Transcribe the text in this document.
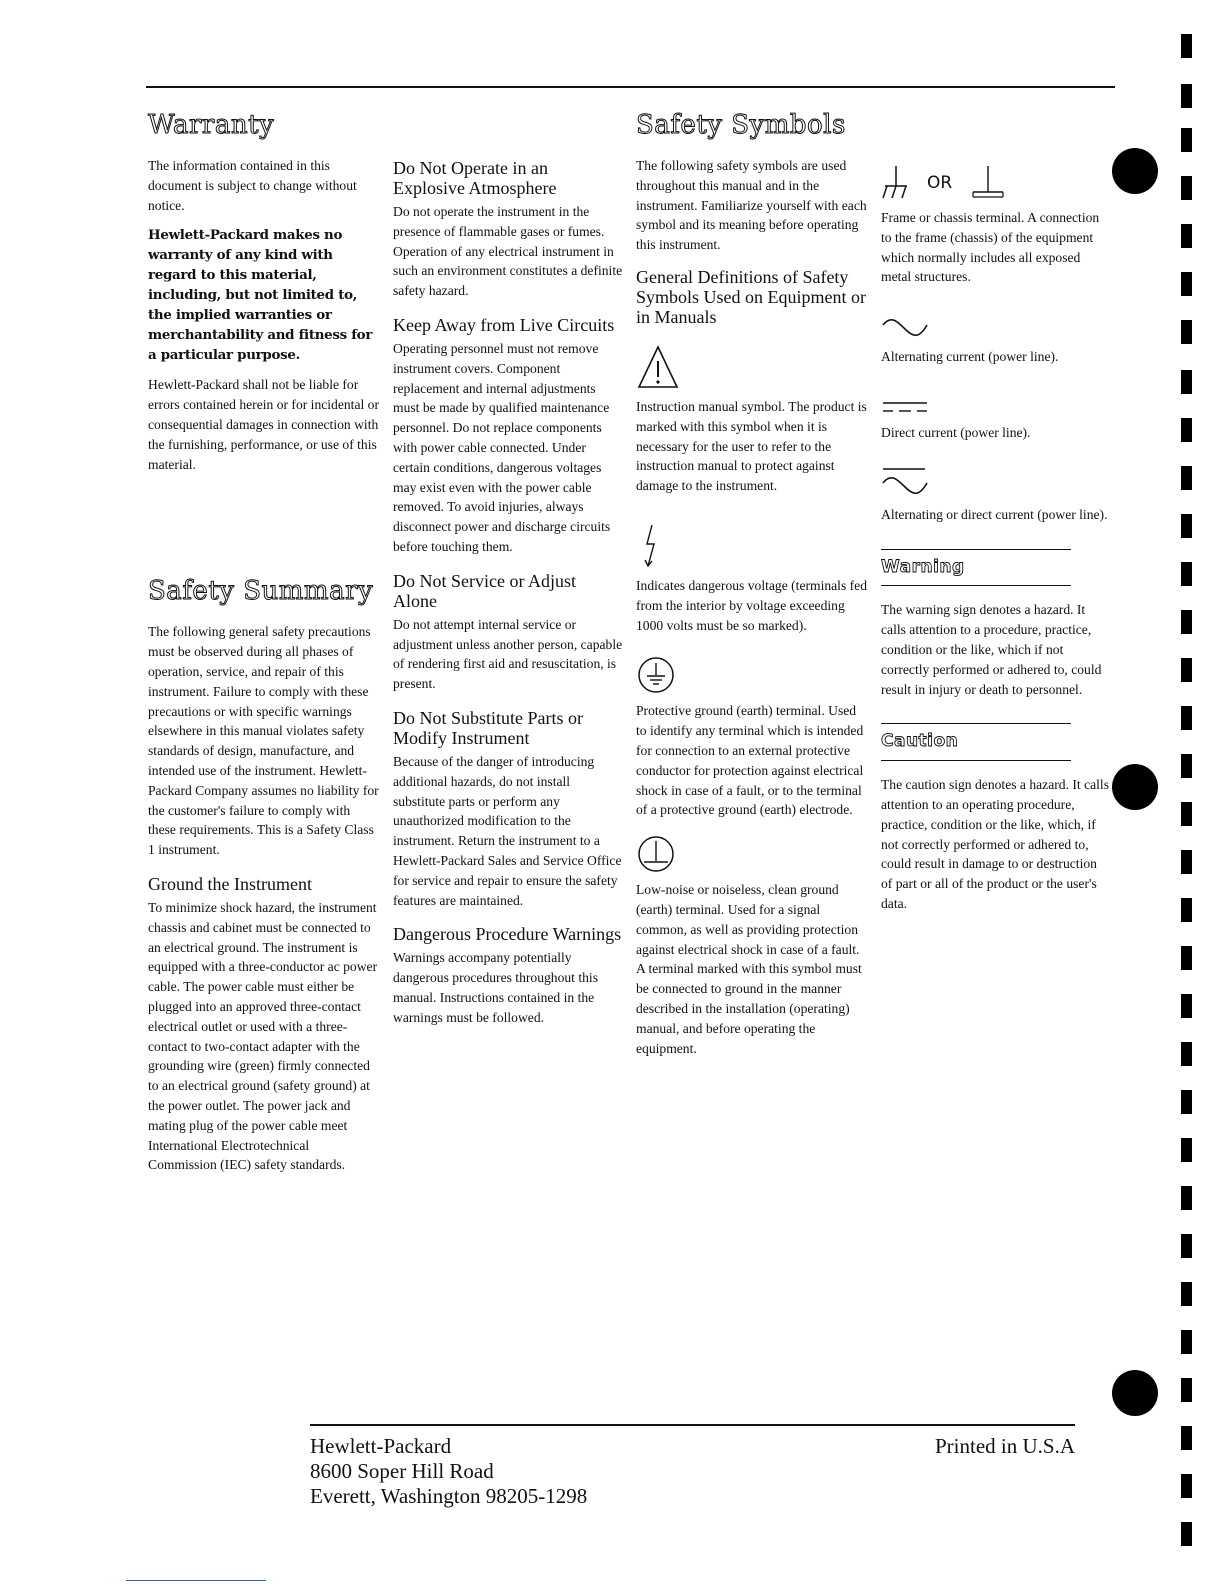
Warranty

The information contained in this document is subject to change without notice.

Hewlett-Packard makes no warranty of any kind with regard to this material, including, but not limited to, the implied warranties or merchantability and fitness for a particular purpose.

Hewlett-Packard shall not be liable for errors contained herein or for incidental or consequential damages in connection with the furnishing, performance, or use of this material.

Safety Summary

The following general safety precautions must be observed during all phases of operation, service, and repair of this instrument. Failure to comply with these precautions or with specific warnings elsewhere in this manual violates safety standards of design, manufacture, and intended use of the instrument. Hewlett-Packard Company assumes no liability for the customer's failure to comply with these requirements. This is a Safety Class 1 instrument.

Ground the Instrument

To minimize shock hazard, the instrument chassis and cabinet must be connected to an electrical ground. The instrument is equipped with a three-conductor ac power cable. The power cable must either be plugged into an approved three-contact electrical outlet or used with a three-contact to two-contact adapter with the grounding wire (green) firmly connected to an electrical ground (safety ground) at the power outlet. The power jack and mating plug of the power cable meet International Electrotechnical Commission (IEC) safety standards.

Do Not Operate in an Explosive Atmosphere

Do not operate the instrument in the presence of flammable gases or fumes. Operation of any electrical instrument in such an environment constitutes a definite safety hazard.

Keep Away from Live Circuits

Operating personnel must not remove instrument covers. Component replacement and internal adjustments must be made by qualified maintenance personnel. Do not replace components with power cable connected. Under certain conditions, dangerous voltages may exist even with the power cable removed. To avoid injuries, always disconnect power and discharge circuits before touching them.

Do Not Service or Adjust Alone

Do not attempt internal service or adjustment unless another person, capable of rendering first aid and resuscitation, is present.

Do Not Substitute Parts or Modify Instrument

Because of the danger of introducing additional hazards, do not install substitute parts or perform any unauthorized modification to the instrument. Return the instrument to a Hewlett-Packard Sales and Service Office for service and repair to ensure the safety features are maintained.

Dangerous Procedure Warnings

Warnings accompany potentially dangerous procedures throughout this manual. Instructions contained in the warnings must be followed.

Safety Symbols

The following safety symbols are used throughout this manual and in the instrument. Familiarize yourself with each symbol and its meaning before operating this instrument.

General Definitions of Safety Symbols Used on Equipment or in Manuals

Instruction manual symbol. The product is marked with this symbol when it is necessary for the user to refer to the instruction manual to protect against damage to the instrument.

Indicates dangerous voltage (terminals fed from the interior by voltage exceeding 1000 volts must be so marked).

Protective ground (earth) terminal. Used to identify any terminal which is intended for connection to an external protective conductor for protection against electrical shock in case of a fault, or to the terminal of a protective ground (earth) electrode.

Low-noise or noiseless, clean ground (earth) terminal. Used for a signal common, as well as providing protection against electrical shock in case of a fault. A terminal marked with this symbol must be connected to ground in the manner described in the installation (operating) manual, and before operating the equipment.

OR

Frame or chassis terminal. A connection to the frame (chassis) of the equipment which normally includes all exposed metal structures.

Alternating current (power line).

Direct current (power line).

Alternating or direct current (power line).

Warning

The warning sign denotes a hazard. It calls attention to a procedure, practice, condition or the like, which if not correctly performed or adhered to, could result in injury or death to personnel.

Caution

The caution sign denotes a hazard. It calls attention to an operating procedure, practice, condition or the like, which, if not correctly performed or adhered to, could result in damage to or destruction of part or all of the product or the user's data.

Hewlett-Packard
8600 Soper Hill Road
Everett, Washington 98205-1298
Printed in U.S.A
